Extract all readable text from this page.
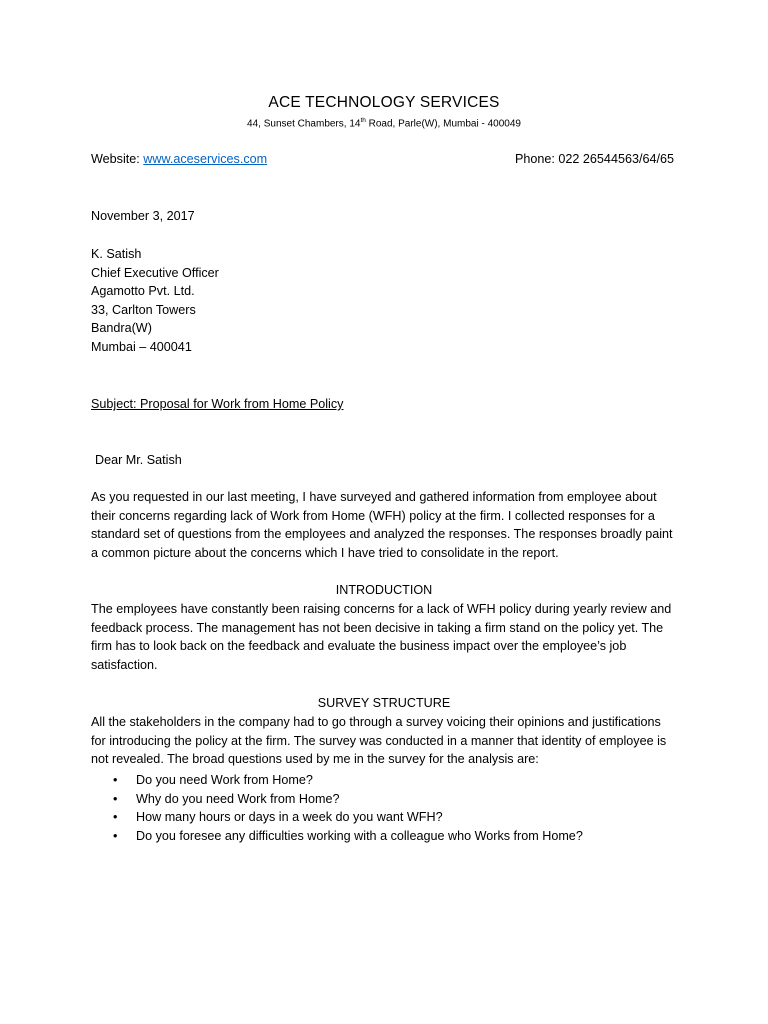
ACE TECHNOLOGY SERVICES
44, Sunset Chambers, 14th Road, Parle(W), Mumbai - 400049
Website: www.aceservices.com	Phone: 022 26544563/64/65
November 3, 2017
K. Satish
Chief Executive Officer
Agamotto Pvt. Ltd.
33, Carlton Towers
Bandra(W)
Mumbai – 400041
Subject: Proposal for Work from Home Policy
Dear Mr. Satish
As you requested in our last meeting, I have surveyed and gathered information from employee about
their concerns regarding lack of Work from Home (WFH) policy at the firm. I collected responses for a
standard set of questions from the employees and analyzed the responses. The responses broadly paint
a common picture about the concerns which I have tried to consolidate in the report.
INTRODUCTION
The employees have constantly been raising concerns for a lack of WFH policy during yearly review and
feedback process. The management has not been decisive in taking a firm stand on the policy yet. The
firm has to look back on the feedback and evaluate the business impact over the employee’s job
satisfaction.
SURVEY STRUCTURE
All the stakeholders in the company had to go through a survey voicing their opinions and justifications
for introducing the policy at the firm. The survey was conducted in a manner that identity of employee is
not revealed. The broad questions used by me in the survey for the analysis are:
• Do you need Work from Home?
• Why do you need Work from Home?
• How many hours or days in a week do you want WFH?
• Do you foresee any difficulties working with a colleague who Works from Home?
